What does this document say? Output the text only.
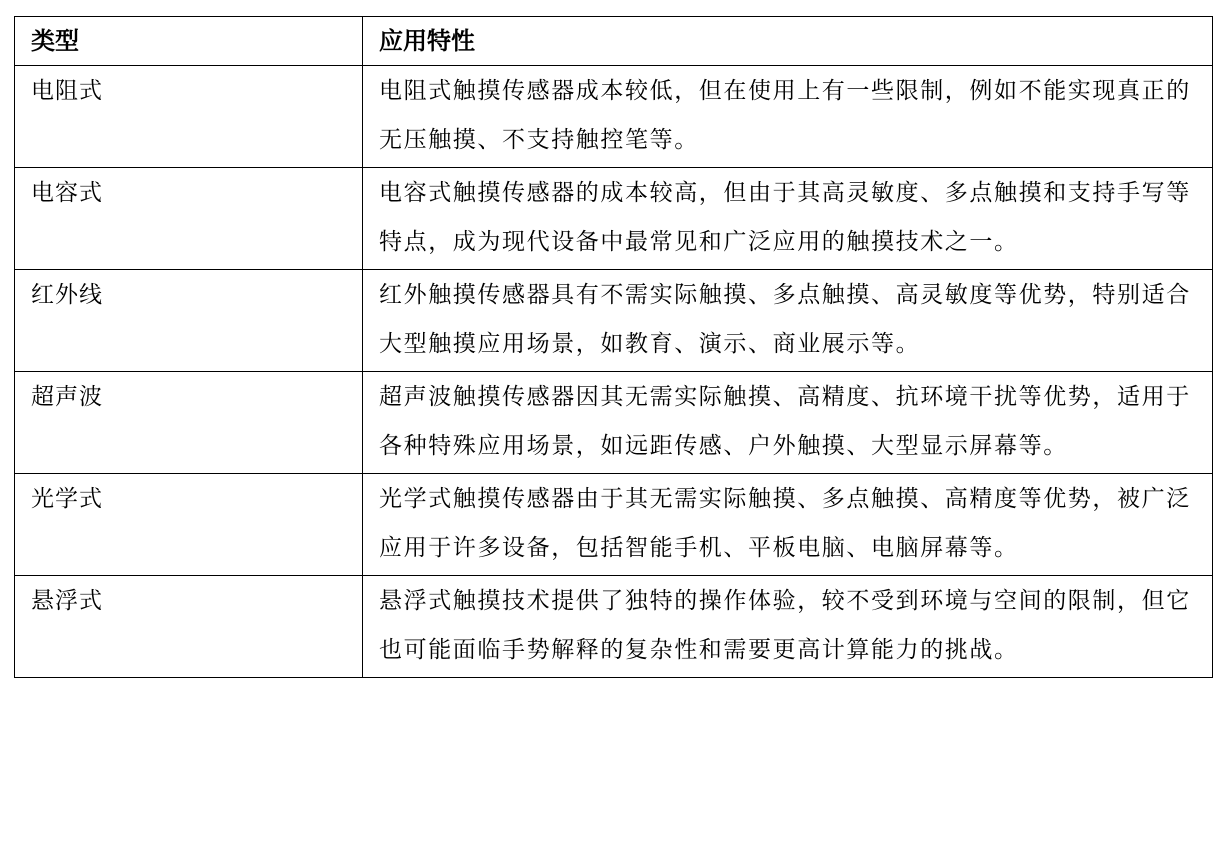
类型	应用特性

电阻式	电阻式触摸传感器成本较低，但在使用上有一些限制，例如不能实现真正的无压触摸、不支持触控笔等。

电容式	电容式触摸传感器的成本较高，但由于其高灵敏度、多点触摸和支持手写等特点，成为现代设备中最常见和广泛应用的触摸技术之一。

红外线	红外触摸传感器具有不需实际触摸、多点触摸、高灵敏度等优势，特别适合大型触摸应用场景，如教育、演示、商业展示等。

超声波	超声波触摸传感器因其无需实际触摸、高精度、抗环境干扰等优势，适用于各种特殊应用场景，如远距传感、户外触摸、大型显示屏幕等。

光学式	光学式触摸传感器由于其无需实际触摸、多点触摸、高精度等优势，被广泛应用于许多设备，包括智能手机、平板电脑、电脑屏幕等。

悬浮式	悬浮式触摸技术提供了独特的操作体验，较不受到环境与空间的限制，但它也可能面临手势解释的复杂性和需要更高计算能力的挑战。
